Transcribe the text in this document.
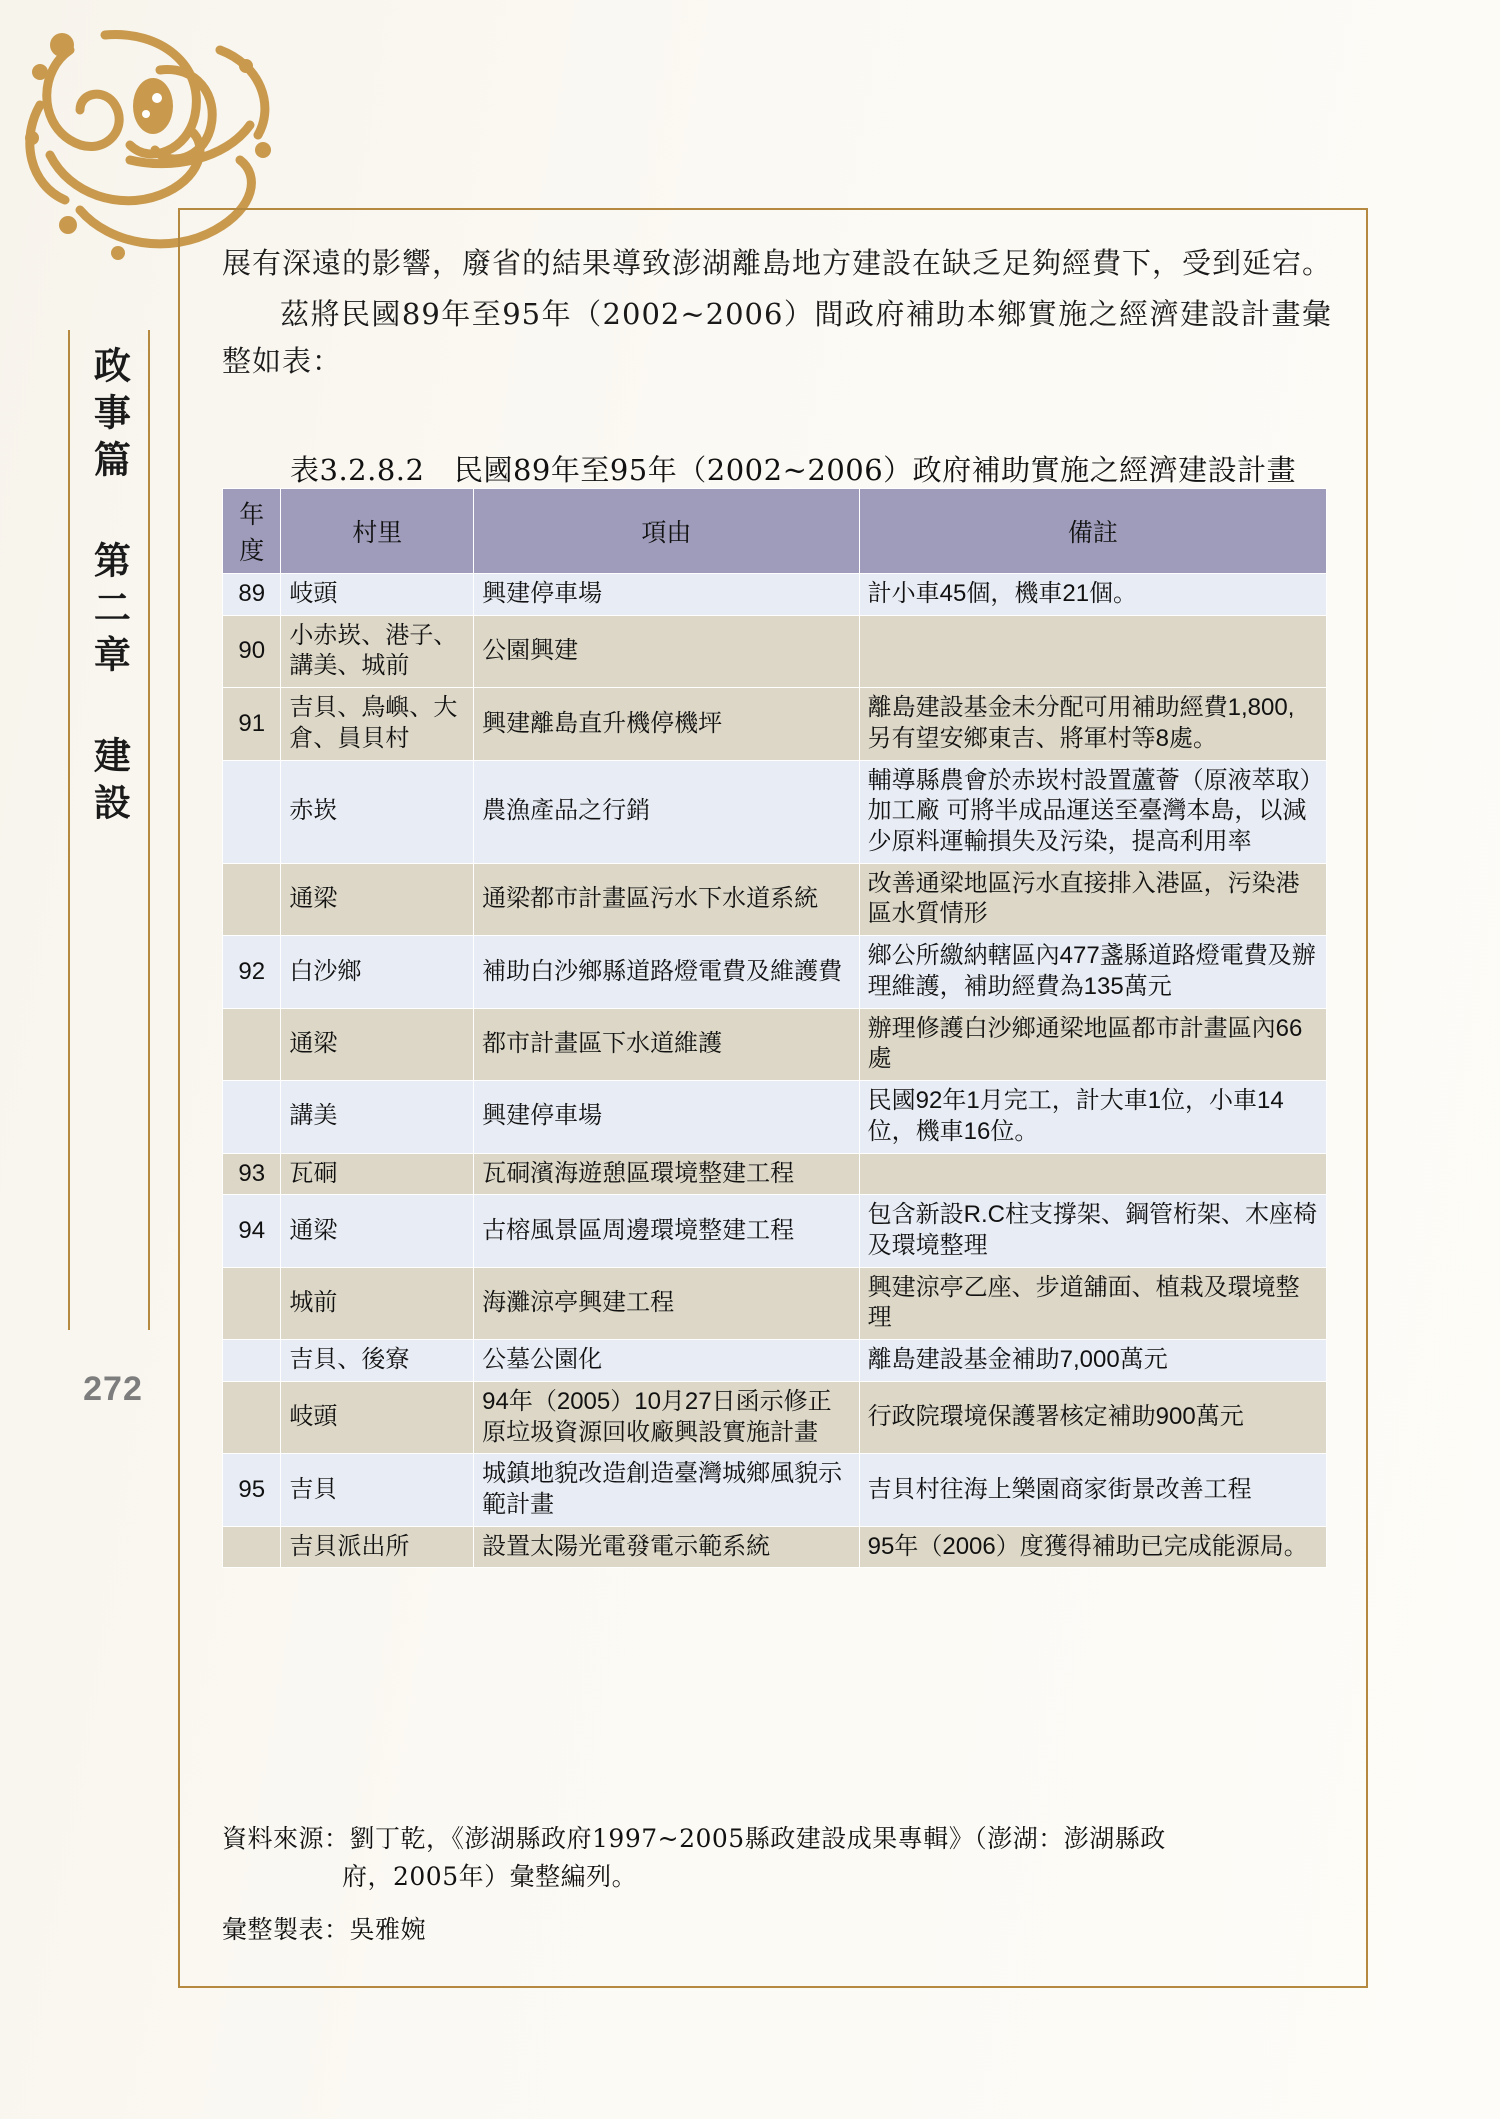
政事篇 第二章 建設
272

展有深遠的影響，廢省的結果導致澎湖離島地方建設在缺乏足夠經費下，受到延宕。

茲將民國89年至95年（2002~2006）間政府補助本鄉實施之經濟建設計畫彙整如表：

表3.2.8.2　民國89年至95年（2002~2006）政府補助實施之經濟建設計畫
年度	村里	項由	備註
89	岐頭	興建停車場	計小車45個，機車21個。
90	小赤崁、港子、講美、城前	公園興建	
91	吉貝、鳥嶼、大倉、員貝村	興建離島直升機停機坪	離島建設基金未分配可用補助經費1,800, 另有望安鄉東吉、將軍村等8處。
	赤崁	農漁產品之行銷	輔導縣農會於赤崁村設置蘆薈（原液萃取）加工廠 可將半成品運送至臺灣本島，以減少原料運輸損失及污染，提高利用率
	通梁	通梁都市計畫區污水下水道系統	改善通梁地區污水直接排入港區，污染港區水質情形
92	白沙鄉	補助白沙鄉縣道路燈電費及維護費	鄉公所繳納轄區內477盞縣道路燈電費及辦理維護，補助經費為135萬元
	通梁	都市計畫區下水道維護	辦理修護白沙鄉通梁地區都市計畫區內66處
	講美	興建停車場	民國92年1月完工，計大車1位，小車14位，機車16位。
93	瓦硐	瓦硐濱海遊憩區環境整建工程	
94	通梁	古榕風景區周邊環境整建工程	包含新設R.C柱支撐架、鋼管桁架、木座椅及環境整理
	城前	海灘涼亭興建工程	興建涼亭乙座、步道舖面、植栽及環境整理
	吉貝、後寮	公墓公園化	離島建設基金補助7,000萬元
	岐頭	94年（2005）10月27日函示修正原垃圾資源回收廠興設實施計畫	行政院環境保護署核定補助900萬元
95	吉貝	城鎮地貌改造創造臺灣城鄉風貌示範計畫	吉貝村往海上樂園商家街景改善工程
	吉貝派出所	設置太陽光電發電示範系統	95年（2006）度獲得補助已完成能源局。
資料來源：劉丁乾，《澎湖縣政府1997~2005縣政建設成果專輯》（澎湖：澎湖縣政
府，2005年）彙整編列。
彙整製表：吳雅婉
